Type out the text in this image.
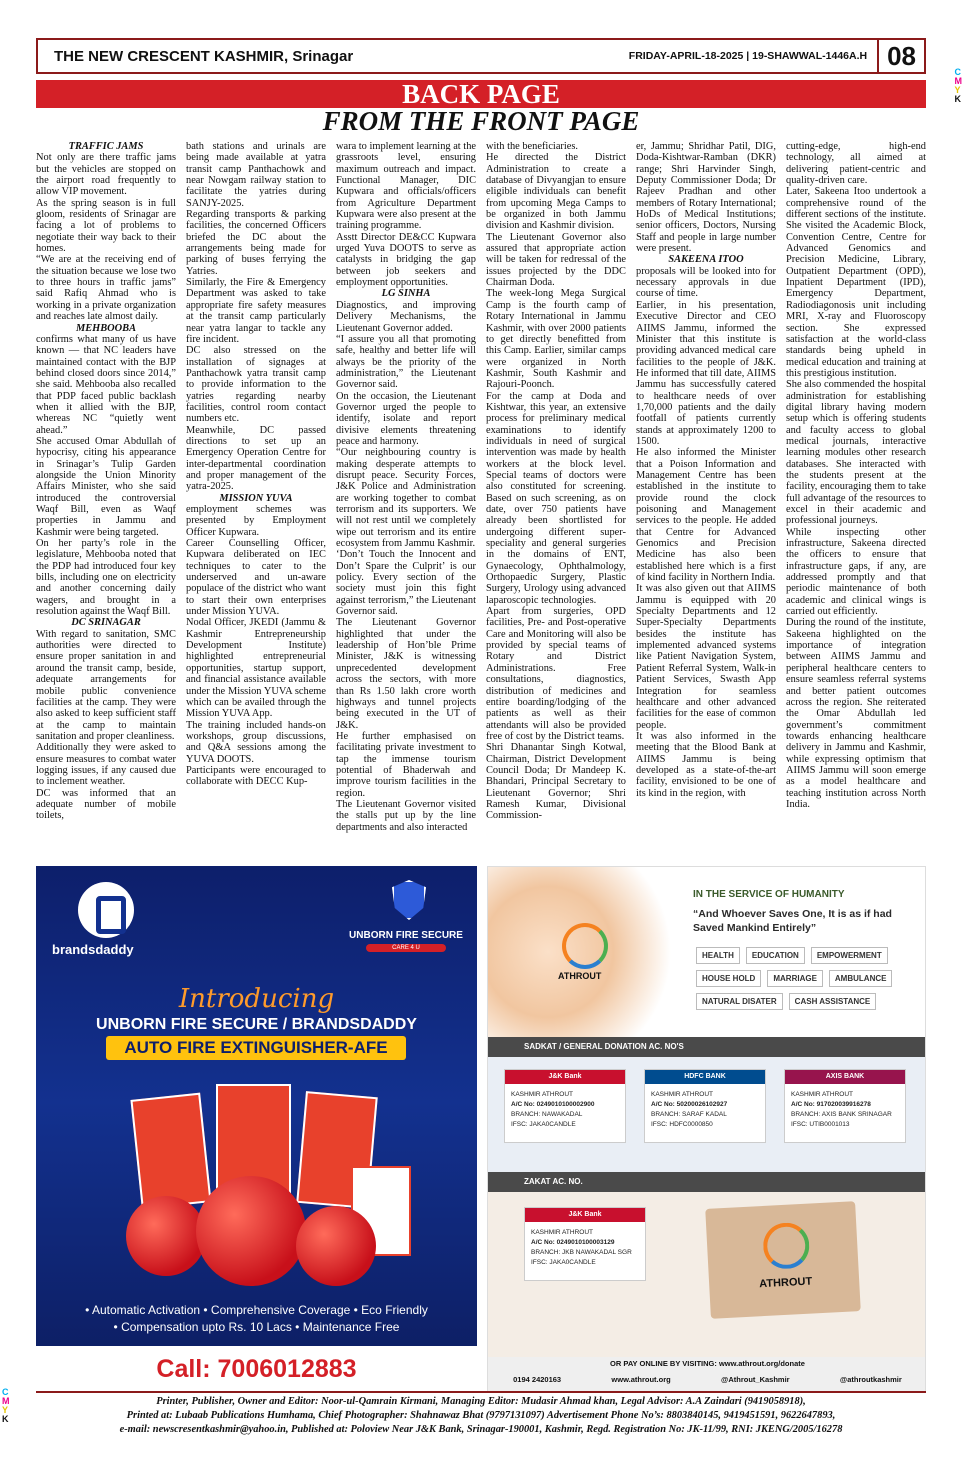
C
M
Y
K
C
M
Y
K
THE NEW CRESCENT KASHMIR, Srinagar	FRIDAY-APRIL-18-2025 | 19-SHAWWAL-1446A.H 08
BACK PAGE
FROM THE FRONT PAGE
TRAFFIC JAMS

Not only are there traffic jams but the vehicles are stopped on the airport road frequently to allow VIP movement.

As the spring season is in full gloom, residents of Srinagar are facing a lot of problems to negotiate their way back to their homes.

“We are at the receiving end of the situation because we lose two to three hours in traffic jams” said Rafiq Ahmad who is working in a private organization and reaches late almost daily.

MEHBOOBA

confirms what many of us have known — that NC leaders have maintained contact with the BJP behind closed doors since 2014,” she said. Mehbooba also recalled that PDP faced public backlash when it allied with the BJP, whereas NC “quietly went ahead.”

She accused Omar Abdullah of hypocrisy, citing his appearance in Srinagar’s Tulip Garden alongside the Union Minority Affairs Minister, who she said introduced the controversial Waqf Bill, even as Waqf properties in Jammu and Kashmir were being targeted.

On her party’s role in the legislature, Mehbooba noted that the PDP had introduced four key bills, including one on electricity and another concerning daily wagers, and brought in a resolution against the Waqf Bill.

DC SRINAGAR

With regard to sanitation, SMC authorities were directed to ensure proper sanitation in and around the transit camp, beside, adequate arrangements for mobile public convenience facilities at the camp. They were also asked to keep sufficient staff at the camp to maintain sanitation and proper cleanliness.

Additionally they were asked to ensure measures to combat water logging issues, if any caused due to inclement weather.

DC was informed that an adequate number of mobile toilets,

bath stations and urinals are being made available at yatra transit camp Panthachowk and near Nowgam railway station to facilitate the yatries during SANJY-2025.

Regarding transports & parking facilities, the concerned Officers briefed the DC about the arrangements being made for parking of buses ferrying the Yatries.

Similarly, the Fire & Emergency Department was asked to take appropriate fire safety measures at the transit camp particularly near yatra langar to tackle any fire incident.

DC also stressed on the installation of signages at Panthachowk yatra transit camp to provide information to the yatries regarding nearby facilities, control room contact numbers etc.

Meanwhile, DC passed directions to set up an Emergency Operation Centre for inter-departmental coordination and proper management of the yatra-2025.

MISSION YUVA

employment schemes was presented by Employment Officer Kupwara.

Career Counselling Officer, Kupwara deliberated on IEC techniques to cater to the underserved and un-aware populace of the district who want to start their own enterprises under Mission YUVA.

Nodal Officer, JKEDI (Jammu & Kashmir Entrepreneurship Development Institute) highlighted entrepreneurial opportunities, startup support, and financial assistance available under the Mission YUVA scheme which can be availed through the Mission YUVA App.

The training included hands-on workshops, group discussions, and Q&A sessions among the YUVA DOOTS.

Participants were encouraged to collaborate with DECC Kup-

wara to implement learning at the grassroots level, ensuring maximum outreach and impact. Functional Manager, DIC Kupwara and officials/officers from Agriculture Department Kupwara were also present at the training programme.

Asstt Director DE&CC Kupwara urged Yuva DOOTS to serve as catalysts in bridging the gap between job seekers and employment opportunities.

LG SINHA

Diagnostics, and improving Delivery Mechanisms, the Lieutenant Governor added.

“I assure you all that promoting safe, healthy and better life will always be the priority of the administration,” the Lieutenant Governor said.

On the occasion, the Lieutenant Governor urged the people to identify, isolate and report divisive elements threatening peace and harmony.

“Our neighbouring country is making desperate attempts to disrupt peace. Security Forces, J&K Police and Administration are working together to combat terrorism and its supporters. We will not rest until we completely wipe out terrorism and its entire ecosystem from Jammu Kashmir.

‘Don’t Touch the Innocent and Don’t Spare the Culprit’ is our policy. Every section of the society must join this fight against terrorism,” the Lieutenant Governor said.

The Lieutenant Governor highlighted that under the leadership of Hon’ble Prime Minister, J&K is witnessing unprecedented development across the sectors, with more than Rs 1.50 lakh crore worth highways and tunnel projects being executed in the UT of J&K.

He further emphasised on facilitating private investment to tap the immense tourism potential of Bhaderwah and improve tourism facilities in the region.

The Lieutenant Governor visited the stalls put up by the line departments and also interacted

with the beneficiaries.

He directed the District Administration to create a database of Divyangjan to ensure eligible individuals can benefit from upcoming Mega Camps to be organized in both Jammu division and Kashmir division.

The Lieutenant Governor also assured that appropriate action will be taken for redressal of the issues projected by the DDC Chairman Doda.

The week-long Mega Surgical Camp is the fourth camp of Rotary International in Jammu Kashmir, with over 2000 patients to get directly benefitted from this Camp. Earlier, similar camps were organized in North Kashmir, South Kashmir and Rajouri-Poonch.

For the camp at Doda and Kishtwar, this year, an extensive process for preliminary medical examinations to identify individuals in need of surgical intervention was made by health workers at the block level. Special teams of doctors were also constituted for screening. Based on such screening, as on date, over 750 patients have already been shortlisted for undergoing different super-speciality and general surgeries in the domains of ENT, Gynaecology, Ophthalmology, Orthopaedic Surgery, Plastic Surgery, Urology using advanced laparoscopic technologies.

Apart from surgeries, OPD facilities, Pre- and Post-operative Care and Monitoring will also be provided by special teams of Rotary and District Administrations. Free consultations, diagnostics, distribution of medicines and entire boarding/lodging of the patients as well as their attendants will also be provided free of cost by the District teams.

Shri Dhanantar Singh Kotwal, Chairman, District Development Council Doda; Dr Mandeep K. Bhandari, Principal Secretary to Lieutenant Governor; Shri Ramesh Kumar, Divisional Commission-

er, Jammu; Shridhar Patil, DIG, Doda-Kishtwar-Ramban (DKR) range; Shri Harvinder Singh, Deputy Commissioner Doda; Dr Rajeev Pradhan and other members of Rotary International; HoDs of Medical Institutions; senior officers, Doctors, Nursing Staff and people in large number were present.

SAKEENA ITOO

proposals will be looked into for necessary approvals in due course of time.

Earlier, in his presentation, Executive Director and CEO AIIMS Jammu, informed the Minister that this institute is providing advanced medical care facilities to the people of J&K. He informed that till date, AIIMS Jammu has successfully catered to healthcare needs of over 1,70,000 patients and the daily footfall of patients currently stands at approximately 1200 to 1500.

He also informed the Minister that a Poison Information and Management Centre has been established in the institute to provide round the clock poisoning and Management services to the people. He added that Centre for Advanced Genomics and Precision Medicine has also been established here which is a first of kind facility in Northern India.

It was also given out that AIIMS Jammu is equipped with 20 Specialty Departments and 12 Super-Specialty Departments besides the institute has implemented advanced systems like Patient Navigation System, Patient Referral System, Walk-in Patient Services, Swasth App Integration for seamless healthcare and other advanced facilities for the ease of common people.

It was also informed in the meeting that the Blood Bank at AIIMS Jammu is being developed as a state-of-the-art facility, envisioned to be one of its kind in the region, with

cutting-edge, high-end technology, all aimed at delivering patient-centric and quality-driven care.

Later, Sakeena Itoo undertook a comprehensive round of the different sections of the institute. She visited the Academic Block, Convention Centre, Centre for Advanced Genomics and Precision Medicine, Library, Outpatient Department (OPD), Inpatient Department (IPD), Emergency Department, Radiodiagonosis unit including MRI, X-ray and Fluoroscopy section. She expressed satisfaction at the world-class standards being upheld in medical education and training at this prestigious institution.

She also commended the hospital administration for establishing digital library having modern setup which is offering students and faculty access to global medical journals, interactive learning modules other research databases. She interacted with the students present at the facility, encouraging them to take full advantage of the resources to excel in their academic and professional journeys.

While inspecting other infrastructure, Sakeena directed the officers to ensure that infrastructure gaps, if any, are addressed promptly and that periodic maintenance of both academic and clinical wings is carried out efficiently.

During the round of the institute, Sakeena highlighted on the importance of integration between AIIMS Jammu and peripheral healthcare centers to ensure seamless referral systems and better patient outcomes across the region. She reiterated the Omar Abdullah led government’s commitment towards enhancing healthcare delivery in Jammu and Kashmir, while expressing optimism that AIIMS Jammu will soon emerge as a model healthcare and teaching institution across North India.

brandsdaddy
UNBORN FIRE SECURE
CARE 4 U
Introducing
UNBORN FIRE SECURE / BRANDSDADDY
AUTO FIRE EXTINGUISHER-AFE
• Automatic Activation • Comprehensive Coverage • Eco Friendly
• Compensation upto Rs. 10 Lacs • Maintenance Free
Call: 7006012883
ATHROUT
IN THE SERVICE OF HUMANITY
“And Whoever Saves One, It is as if had Saved Mankind Entirely”
HEALTH	EDUCATION	EMPOWERMENT
HOUSE HOLD	MARRIAGE	AMBULANCE
NATURAL DISATER	CASH ASSISTANCE
SADKAT / GENERAL DONATION AC. NO'S
ZAKAT AC. NO.
ATHROUT
OR PAY ONLINE BY VISITING: www.athrout.org/donate
0194 2420163	www.athrout.org	@Athrout_Kashmir	@athroutkashmir
J&K Bank
KASHMIR ATHROUT
A/C No: 0249010100002900
BRANCH: NAWAKADAL
IFSC: JAKA0CANDLE
HDFC BANK
KASHMIR ATHROUT
A/C No: 50200026102927
BRANCH: SARAF KADAL
IFSC: HDFC0000850
AXIS BANK
KASHMIR ATHROUT
A/C No: 917020039916278
BRANCH: AXIS BANK SRINAGAR
IFSC: UTIB0001013
J&K Bank
KASHMIR ATHROUT
A/C No: 0249010100003129
BRANCH: JKB NAWAKADAL SGR
IFSC: JAKA0CANDLE
Printer, Publisher, Owner and Editor: Noor-ul-Qamrain Kirmani, Managing Editor: Mudasir Ahmad khan, Legal Advisor: A.A Zaindari (9419058918),
Printed at: Lubaab Publications Humhama, Chief Photographer: Shahnawaz Bhat (9797131097) Advertisement Phone No’s: 8803840145, 9419451591, 9622647893,
e-mail: newscresentkashmir@yahoo.in, Published at: Poloview Near J&K Bank, Srinagar-190001, Kashmir, Regd. Registration No: JK-11/99, RNI: JKENG/2005/16278
